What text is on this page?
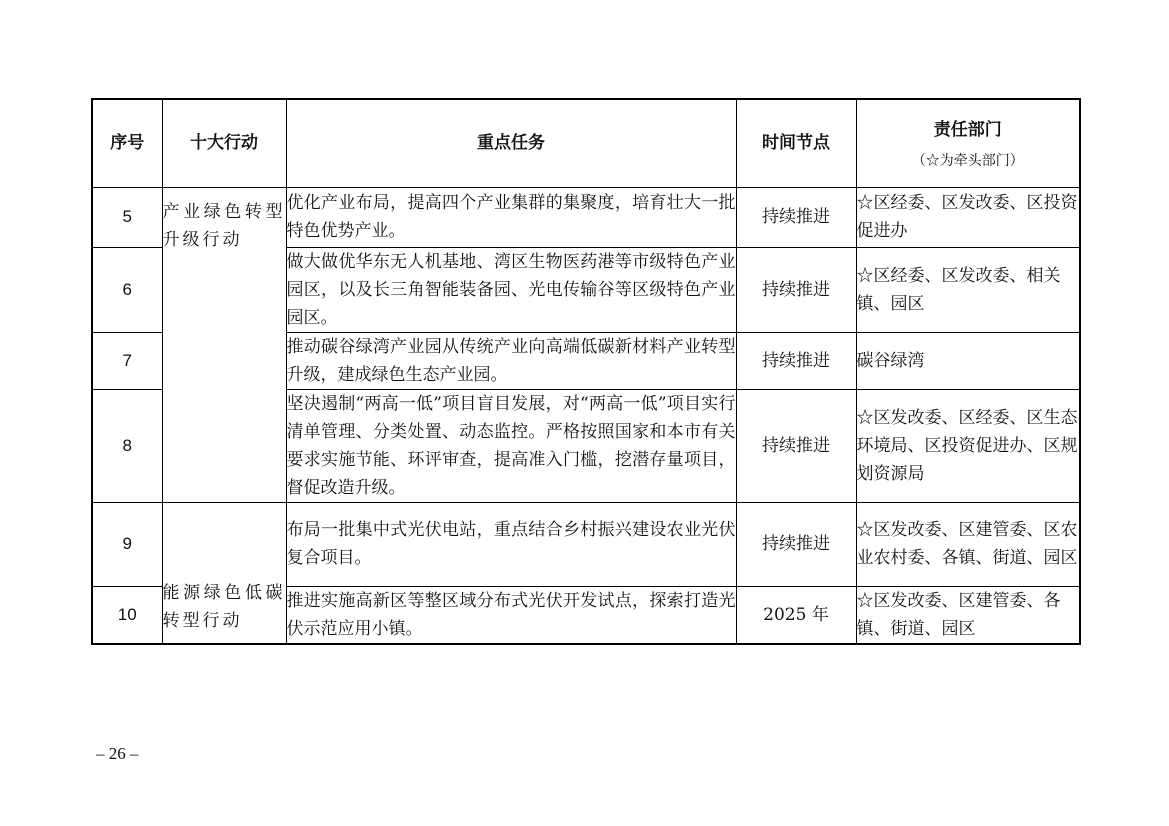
序号	十大行动	重点任务	时间节点	责任部门
（☆为牵头部门）

5	产业绿色转型升级行动	优化产业布局，提高四个产业集群的集聚度，培育壮大一批特色优势产业。	持续推进	☆区经委、区发改委、区投资促进办
6		做大做优华东无人机基地、湾区生物医药港等市级特色产业园区，以及长三角智能装备园、光电传输谷等区级特色产业园区。	持续推进	☆区经委、区发改委、相关镇、园区
7		推动碳谷绿湾产业园从传统产业向高端低碳新材料产业转型升级，建成绿色生态产业园。	持续推进	碳谷绿湾
8		坚决遏制“两高一低”项目盲目发展，对“两高一低”项目实行清单管理、分类处置、动态监控。严格按照国家和本市有关要求实施节能、环评审查，提高准入门槛，挖潜存量项目，督促改造升级。	持续推进	☆区发改委、区经委、区生态环境局、区投资促进办、区规划资源局
9	能源绿色低碳转型行动	布局一批集中式光伏电站，重点结合乡村振兴建设农业光伏复合项目。	持续推进	☆区发改委、区建管委、区农业农村委、各镇、街道、园区
10		推进实施高新区等整区域分布式光伏开发试点，探索打造光伏示范应用小镇。	2025 年	☆区发改委、区建管委、各镇、街道、园区
– 26 –
